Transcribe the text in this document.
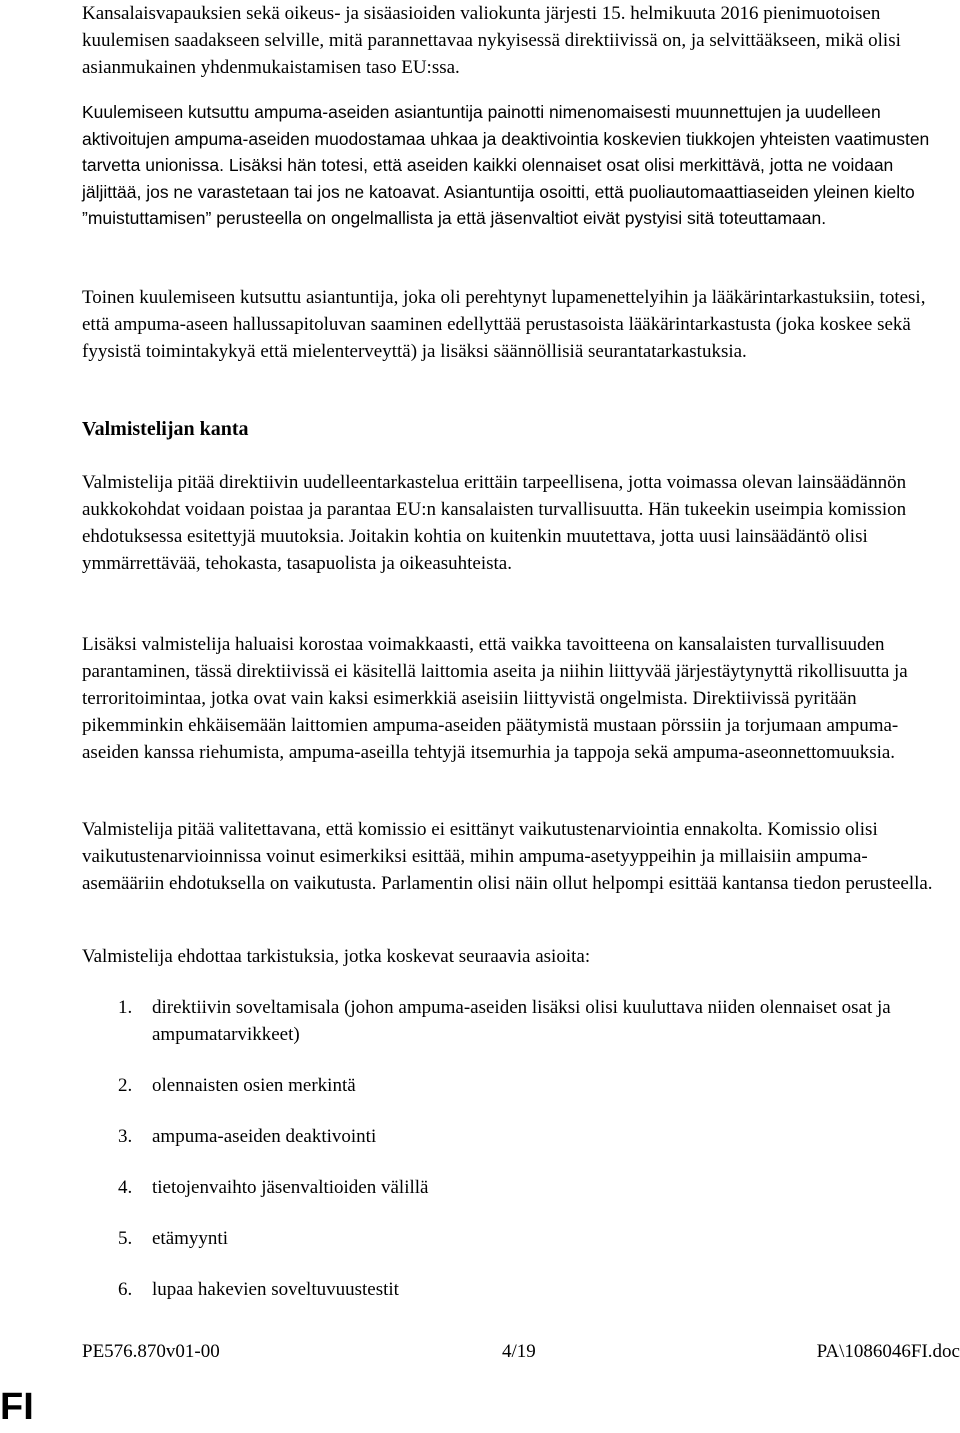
Kansalaisvapauksien sekä oikeus- ja sisäasioiden valiokunta järjesti 15. helmikuuta 2016 pienimuotoisen kuulemisen saadakseen selville, mitä parannettavaa nykyisessä direktiivissä on, ja selvittääkseen, mikä olisi asianmukainen yhdenmukaistamisen taso EU:ssa.

Kuulemiseen kutsuttu ampuma-aseiden asiantuntija painotti nimenomaisesti muunnettujen ja uudelleen aktivoitujen ampuma-aseiden muodostamaa uhkaa ja deaktivointia koskevien tiukkojen yhteisten vaatimusten tarvetta unionissa. Lisäksi hän totesi, että aseiden kaikki olennaiset osat olisi merkittävä, jotta ne voidaan jäljittää, jos ne varastetaan tai jos ne katoavat. Asiantuntija osoitti, että puoliautomaattiaseiden yleinen kielto ”muistuttamisen” perusteella on ongelmallista ja että jäsenvaltiot eivät pystyisi sitä toteuttamaan.

Toinen kuulemiseen kutsuttu asiantuntija, joka oli perehtynyt lupamenettelyihin ja lääkärintarkastuksiin, totesi, että ampuma-aseen hallussapitoluvan saaminen edellyttää perustasoista lääkärintarkastusta (joka koskee sekä fyysistä toimintakykyä että mielenterveyttä) ja lisäksi säännöllisiä seurantatarkastuksia.

Valmistelijan kanta

Valmistelija pitää direktiivin uudelleentarkastelua erittäin tarpeellisena, jotta voimassa olevan lainsäädännön aukkokohdat voidaan poistaa ja parantaa EU:n kansalaisten turvallisuutta. Hän tukeekin useimpia komission ehdotuksessa esitettyjä muutoksia. Joitakin kohtia on kuitenkin muutettava, jotta uusi lainsäädäntö olisi ymmärrettävää, tehokasta, tasapuolista ja oikeasuhteista.

Lisäksi valmistelija haluaisi korostaa voimakkaasti, että vaikka tavoitteena on kansalaisten turvallisuuden parantaminen, tässä direktiivissä ei käsitellä laittomia aseita ja niihin liittyvää järjestäytynyttä rikollisuutta ja terroritoimintaa, jotka ovat vain kaksi esimerkkiä aseisiin liittyvistä ongelmista. Direktiivissä pyritään pikemminkin ehkäisemään laittomien ampuma-aseiden päätymistä mustaan pörssiin ja torjumaan ampuma-aseiden kanssa riehumista, ampuma-aseilla tehtyjä itsemurhia ja tappoja sekä ampuma-aseonnettomuuksia.

Valmistelija pitää valitettavana, että komissio ei esittänyt vaikutustenarviointia ennakolta. Komissio olisi vaikutustenarvioinnissa voinut esimerkiksi esittää, mihin ampuma-asetyyppeihin ja millaisiin ampuma-asemääriin ehdotuksella on vaikutusta. Parlamentin olisi näin ollut helpompi esittää kantansa tiedon perusteella.

Valmistelija ehdottaa tarkistuksia, jotka koskevat seuraavia asioita:

1. direktiivin soveltamisala (johon ampuma-aseiden lisäksi olisi kuuluttava niiden olennaiset osat ja ampumatarvikkeet)
2. olennaisten osien merkintä
3. ampuma-aseiden deaktivointi
4. tietojenvaihto jäsenvaltioiden välillä
5. etämyynti
6. lupaa hakevien soveltuvuustestit
PE576.870v01-00	4/19	PA\1086046FI.doc
FI
